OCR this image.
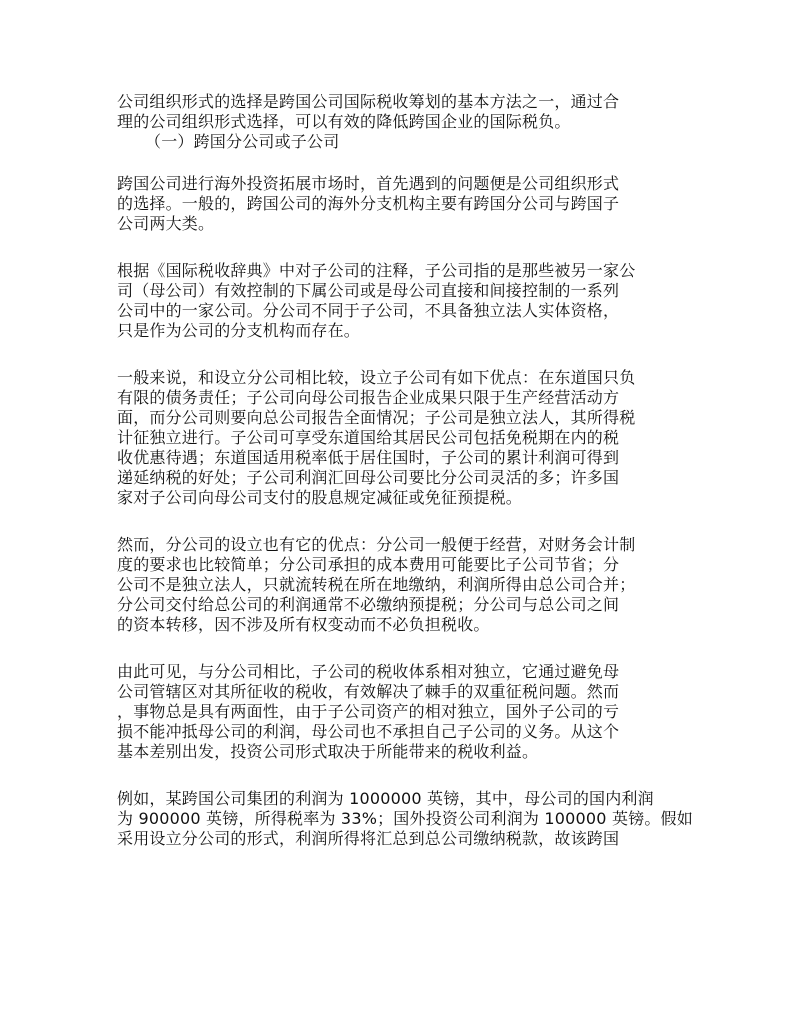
公司组织形式的选择是跨国公司国际税收筹划的基本方法之一，通过合
理的公司组织形式选择，可以有效的降低跨国企业的国际税负。
（一）跨国分公司或子公司
跨国公司进行海外投资拓展市场时，首先遇到的问题便是公司组织形式
的选择。一般的，跨国公司的海外分支机构主要有跨国分公司与跨国子
公司两大类。
根据《国际税收辞典》中对子公司的注释，子公司指的是那些被另一家公
司（母公司）有效控制的下属公司或是母公司直接和间接控制的一系列
公司中的一家公司。分公司不同于子公司，不具备独立法人实体资格，
只是作为公司的分支机构而存在。
一般来说，和设立分公司相比较，设立子公司有如下优点：在东道国只负
有限的债务责任；子公司向母公司报告企业成果只限于生产经营活动方
面，而分公司则要向总公司报告全面情况；子公司是独立法人，其所得税
计征独立进行。子公司可享受东道国给其居民公司包括免税期在内的税
收优惠待遇；东道国适用税率低于居住国时，子公司的累计利润可得到
递延纳税的好处；子公司利润汇回母公司要比分公司灵活的多；许多国
家对子公司向母公司支付的股息规定减征或免征预提税。
然而，分公司的设立也有它的优点：分公司一般便于经营，对财务会计制
度的要求也比较简单；分公司承担的成本费用可能要比子公司节省；分
公司不是独立法人，只就流转税在所在地缴纳，利润所得由总公司合并；
分公司交付给总公司的利润通常不必缴纳预提税；分公司与总公司之间
的资本转移，因不涉及所有权变动而不必负担税收。
由此可见，与分公司相比，子公司的税收体系相对独立，它通过避免母
公司管辖区对其所征收的税收，有效解决了棘手的双重征税问题。然而
，事物总是具有两面性，由于子公司资产的相对独立，国外子公司的亏
损不能冲抵母公司的利润，母公司也不承担自己子公司的义务。从这个
基本差别出发，投资公司形式取决于所能带来的税收利益。
例如，某跨国公司集团的利润为 1000000 英镑，其中，母公司的国内利润
为 900000 英镑，所得税率为 33%；国外投资公司利润为 100000 英镑。假如
采用设立分公司的形式，利润所得将汇总到总公司缴纳税款，故该跨国
